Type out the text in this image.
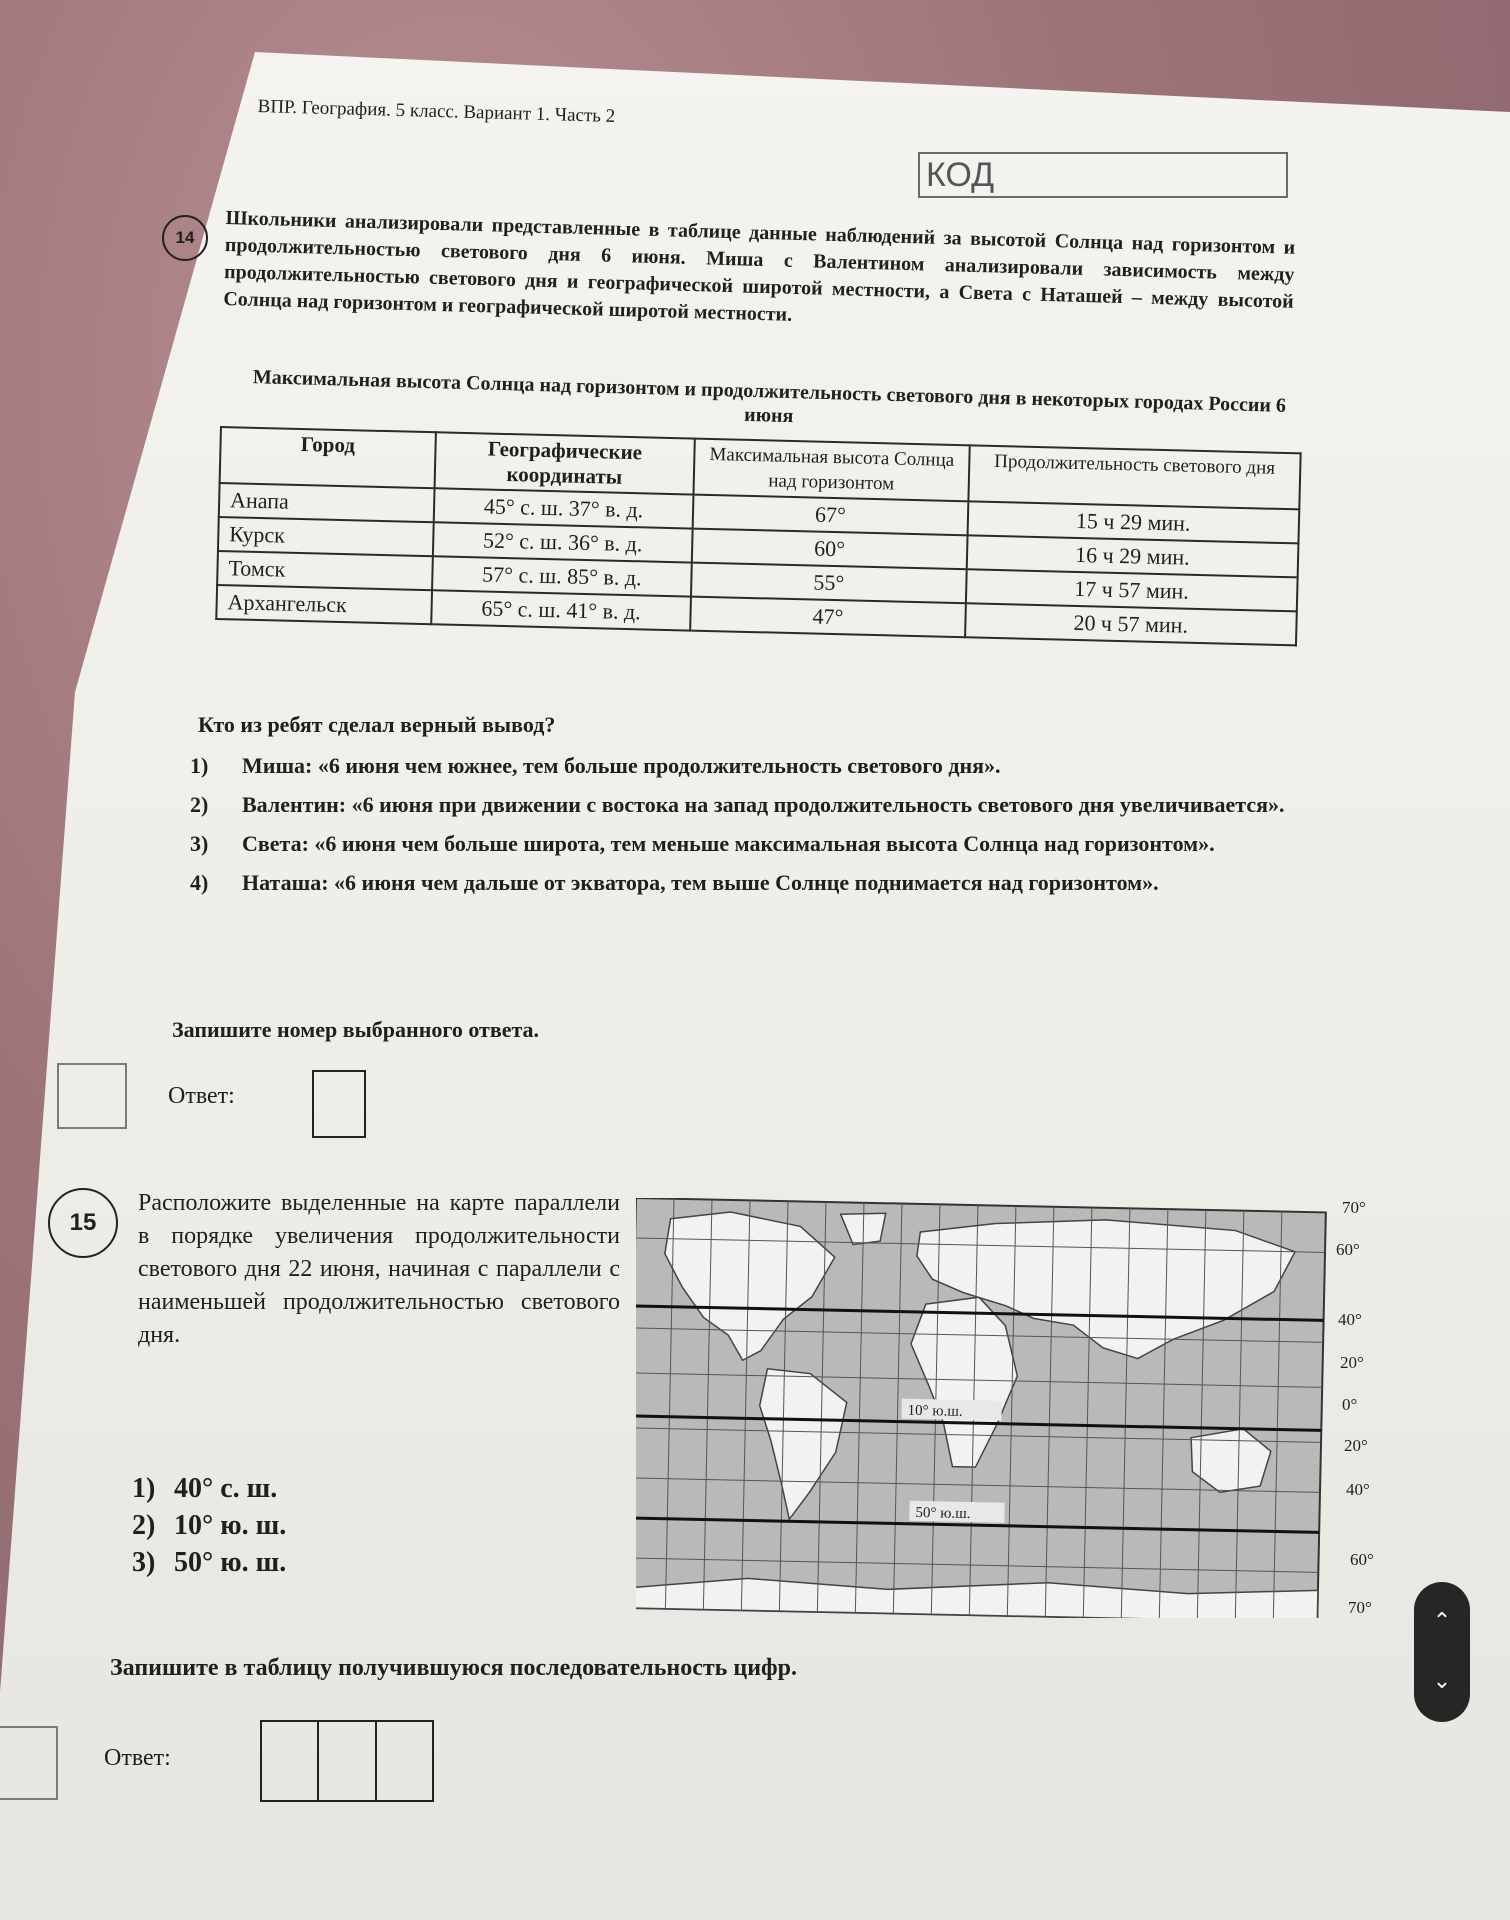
ВПР. География. 5 класс. Вариант 1. Часть 2
КОД
14	Школьники анализировали представленные в таблице данные наблюдений за высотой Солнца над горизонтом и продолжительностью светового дня 6 июня. Миша с Валентином анализировали зависимость между продолжительностью светового дня и географической широтой местности, а Света с Наташей – между высотой Солнца над горизонтом и географической широтой местности.
Максимальная высота Солнца над горизонтом и продолжительность светового дня в некоторых городах России 6 июня
Город	Географические координаты	Максимальная высота Солнца над горизонтом	Продолжительность светового дня
Анапа	45° с. ш. 37° в. д.	67°	15 ч 29 мин.
Курск	52° с. ш. 36° в. д.	60°	16 ч 29 мин.
Томск	57° с. ш. 85° в. д.	55°	17 ч 57 мин.
Архангельск	65° с. ш. 41° в. д.	47°	20 ч 57 мин.
Кто из ребят сделал верный вывод?
1) Миша: «6 июня чем южнее, тем больше продолжительность светового дня».
2) Валентин: «6 июня при движении с востока на запад продолжительность светового дня увеличивается».
3) Света: «6 июня чем больше широта, тем меньше максимальная высота Солнца над горизонтом».
4) Наташа: «6 июня чем дальше от экватора, тем выше Солнце поднимается над горизонтом».
Запишите номер выбранного ответа.
Ответ:
15
Расположите выделенные на карте параллели в порядке увеличения продолжительности светового дня 22 июня, начиная с параллели с наименьшей продолжительностью светового дня.
1) 40° с. ш.
2) 10° ю. ш.
3) 50° ю. ш.
10° ю.ш.
50° ю.ш.
70°
60°
40°
20°
0°
20°
40°
60°
70°
Запишите в таблицу получившуюся последовательность цифр.
Ответ:
⌃
⌄
